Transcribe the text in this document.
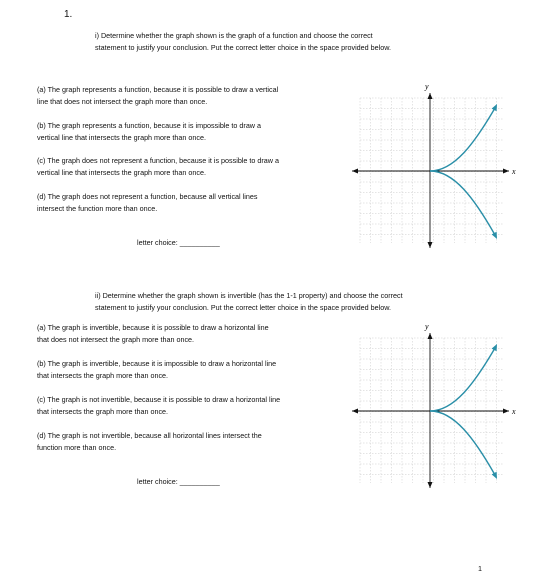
1.
i) Determine whether the graph shown is the graph of a function and choose the correct
statement to justify your conclusion. Put the correct letter choice in the space provided below.
(a) The graph represents a function, because it is possible to draw a vertical
line that does not intersect the graph more than once.
(b) The graph represents a function, because it is impossible to draw a
vertical line that intersects the graph more than once.
(c) The graph does not represent a function, because it is possible to draw a
vertical line that intersects the graph more than once.
(d) The graph does not represent a function, because all vertical lines
intersect the function more than once.
letter choice: __________
y
x
ii) Determine whether the graph shown is invertible (has the 1-1 property) and choose the correct
statement to justify your conclusion. Put the correct letter choice in the space provided below.
(a) The graph is invertible, because it is possible to draw a horizontal line
that does not intersect the graph more than once.
(b) The graph is invertible, because it is impossible to draw a horizontal line
that intersects the graph more than once.
(c) The graph is not invertible, because it is possible to draw a horizontal line
that intersects the graph more than once.
(d) The graph is not invertible, because all horizontal lines intersect the
function more than once.
letter choice: __________
y
x
1
